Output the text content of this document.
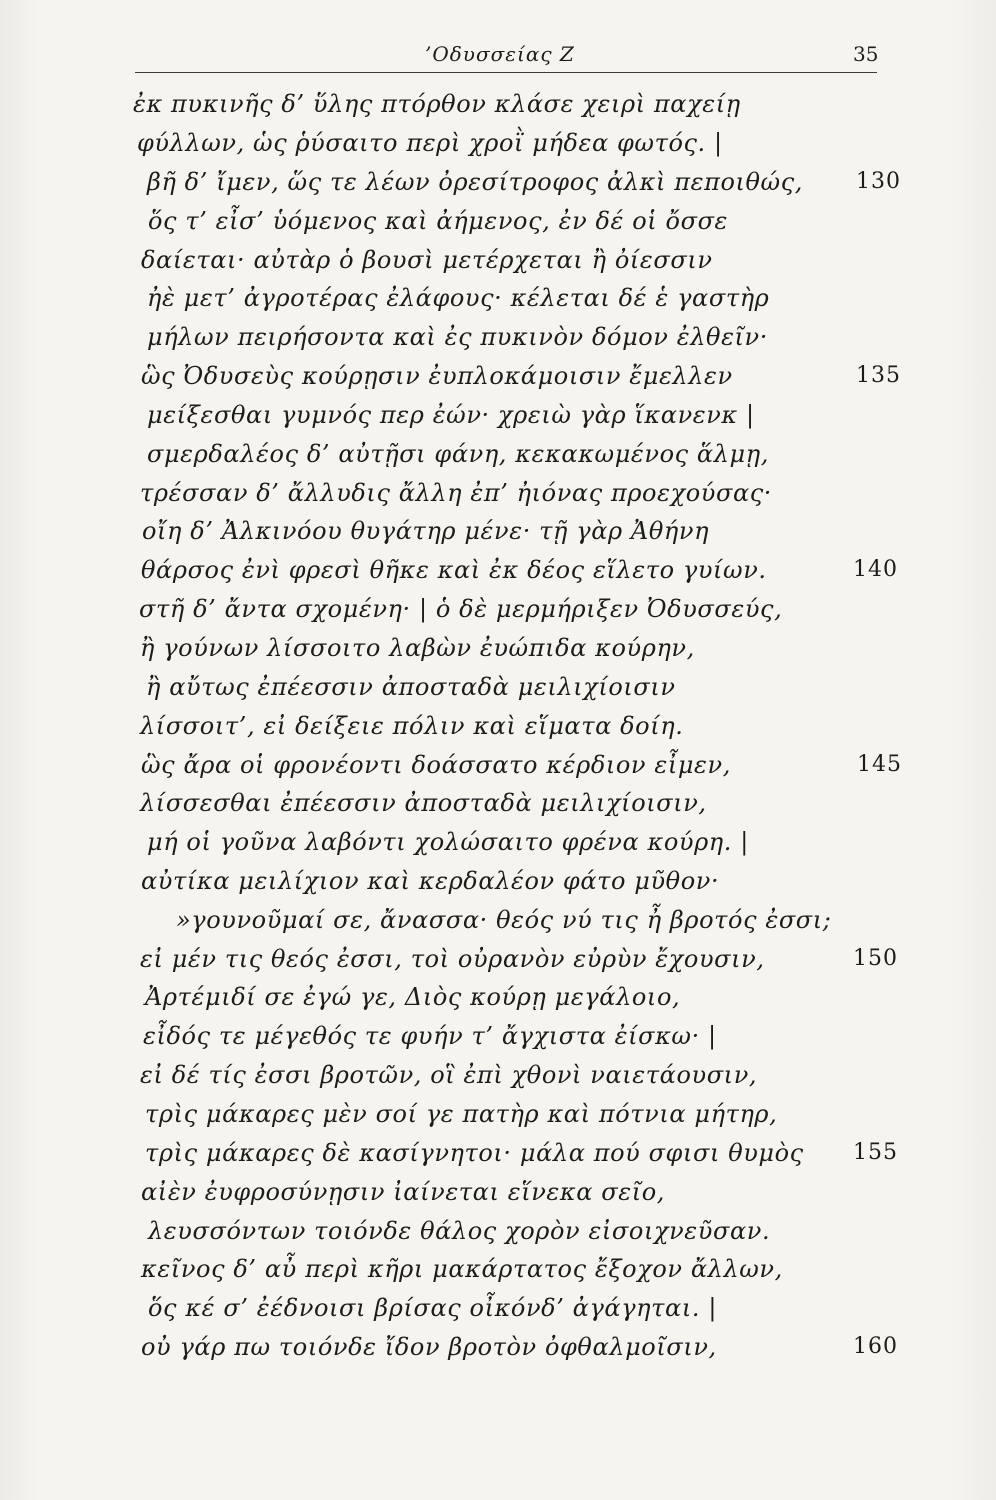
’Οδυσσείας Ζ	35
ἐκ πυκινῆς δ’ ὕλης πτόρθον κλάσε χειρὶ παχείῃ
φύλλων, ὡς ῥύσαιτο περὶ χροῒ μήδεα φωτός. |
βῆ δ’ ἴμεν, ὥς τε λέων ὀρεσίτροφος ἀλκὶ πεποιθώς,
ὅς τ’ εἶσ’ ὑόμενος καὶ ἀήμενος, ἐν δέ οἱ ὄσσε
δαίεται· αὐτὰρ ὁ βουσὶ μετέρχεται ἢ ὀίεσσιν
ἠὲ μετ’ ἀγροτέρας ἐλάφους· κέλεται δέ ἑ γαστὴρ
μήλων πειρήσοντα καὶ ἐς πυκινὸν δόμον ἐλθεῖν·
ὣς Ὀδυσεὺς κούρῃσιν ἐυπλοκάμοισιν ἔμελλεν
μείξεσθαι γυμνός περ ἐών· χρειὼ γὰρ ἵκανενκ |
σμερδαλέος δ’ αὐτῇσι φάνη, κεκακωμένος ἅλμῃ,
τρέσσαν δ’ ἄλλυδις ἄλλη ἐπ’ ἠιόνας προεχούσας·
οἴη δ’ Ἀλκινόου θυγάτηρ μένε· τῇ γὰρ Ἀθήνη
θάρσος ἐνὶ φρεσὶ θῆκε καὶ ἐκ δέος εἵλετο γυίων.
στῆ δ’ ἄντα σχομένη· | ὁ δὲ μερμήριξεν Ὀδυσσεύς,
ἢ γούνων λίσσοιτο λαβὼν ἐυώπιδα κούρην,
ἢ αὔτως ἐπέεσσιν ἀποσταδὰ μειλιχίοισιν
λίσσοιτ’, εἰ δείξειε πόλιν καὶ εἵματα δοίη.
ὣς ἄρα οἱ φρονέοντι δοάσσατο κέρδιον εἶμεν,
λίσσεσθαι ἐπέεσσιν ἀποσταδὰ μειλιχίοισιν,
μή οἱ γοῦνα λαβόντι χολώσαιτο φρένα κούρη. |
αὐτίκα μειλίχιον καὶ κερδαλέον φάτο μῦθον·
»γουνοῦμαί σε, ἄνασσα· θεός νύ τις ἦ βροτός ἐσσι;
εἰ μέν τις θεός ἐσσι, τοὶ οὐρανὸν εὐρὺν ἔχουσιν,
Ἀρτέμιδί σε ἐγώ γε, Διὸς κούρῃ μεγάλοιο,
εἶδός τε μέγεθός τε φυήν τ’ ἄγχιστα ἐίσκω· |
εἰ δέ τίς ἐσσι βροτῶν, οἳ ἐπὶ χθονὶ ναιετάουσιν,
τρὶς μάκαρες μὲν σοί γε πατὴρ καὶ πότνια μήτηρ,
τρὶς μάκαρες δὲ κασίγνητοι· μάλα πού σφισι θυμὸς
αἰὲν ἐυφροσύνῃσιν ἰαίνεται εἵνεκα σεῖο,
λευσσόντων τοιόνδε θάλος χορὸν εἰσοιχνεῦσαν.
κεῖνος δ’ αὖ περὶ κῆρι μακάρτατος ἔξοχον ἄλλων,
ὅς κέ σ’ ἐέδνοισι βρίσας οἶκόνδ’ ἀγάγηται. |
οὐ γάρ πω τοιόνδε ἴδον βροτὸν ὀφθαλμοῖσιν,
130
135
140
145
150
155
160
